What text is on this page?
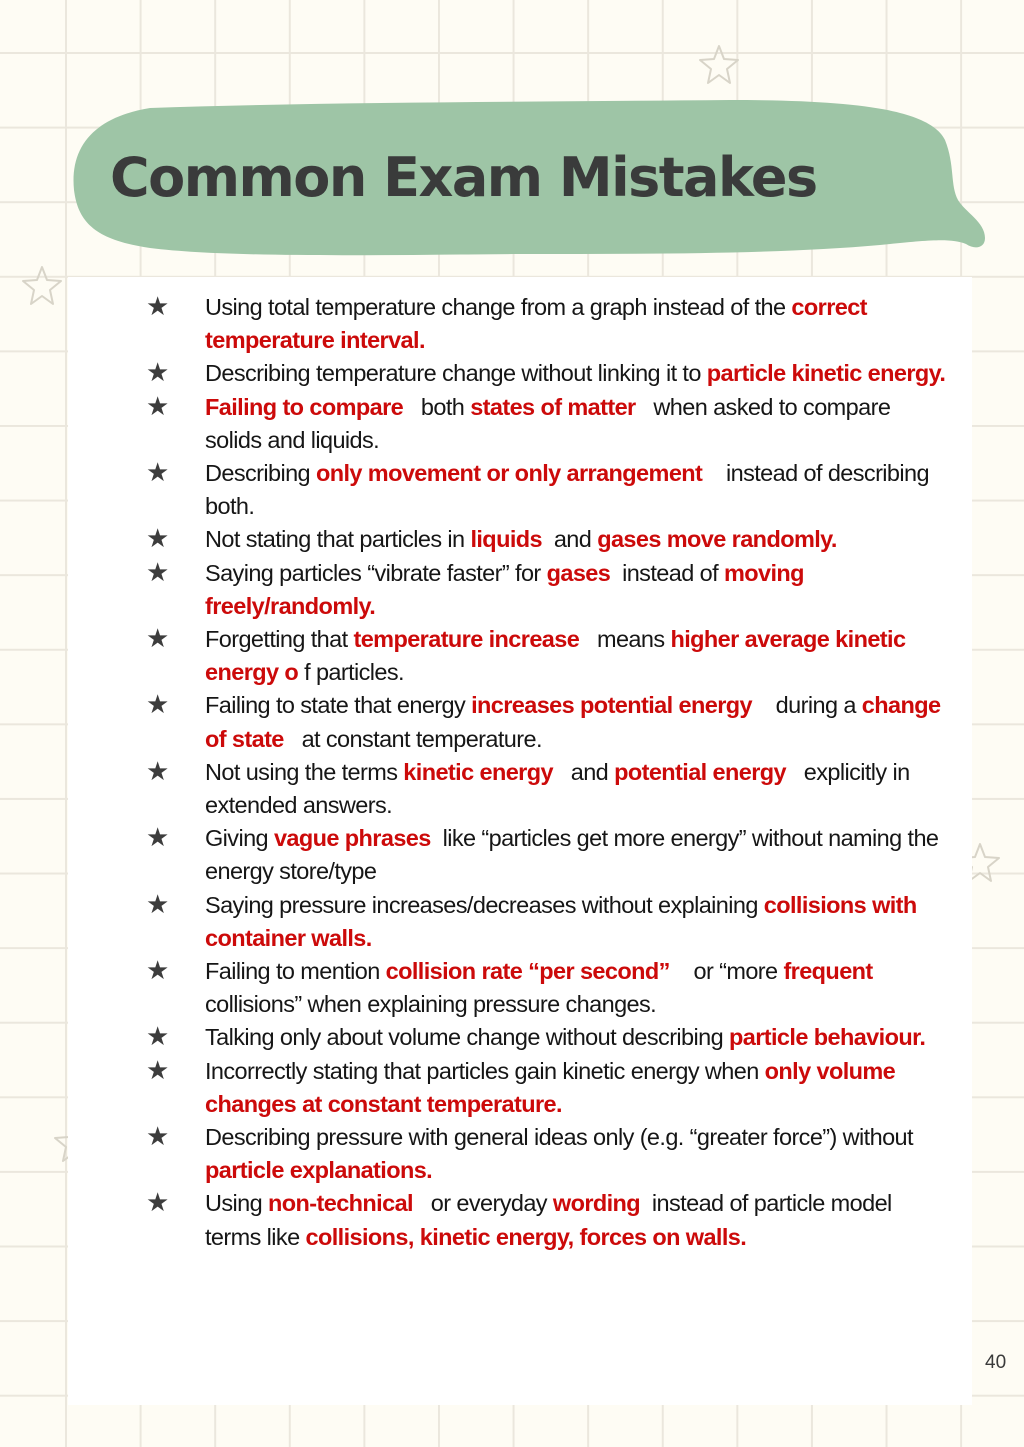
Common Exam Mistakes
★ Using total temperature change from a graph instead of the correct temperature interval.
★ Describing temperature change without linking it to particle kinetic energy.
★ Failing to compare   both states of matter   when asked to compare solids and liquids.
★ Describing only movement or only arrangement    instead of describing both.
★ Not stating that particles in liquids  and gases move randomly.
★ Saying particles “vibrate faster” for gases  instead of moving freely/randomly.
★ Forgetting that temperature increase   means higher average kinetic energy o f particles.
★ Failing to state that energy increases potential energy    during a change of state   at constant temperature.
★ Not using the terms kinetic energy   and potential energy   explicitly in extended answers.
★ Giving vague phrases  like “particles get more energy” without naming the energy store/type
★ Saying pressure increases/decreases without explaining collisions with container walls.
★ Failing to mention collision rate “per second”    or “more frequent collisions” when explaining pressure changes.
★ Talking only about volume change without describing particle behaviour.
★ Incorrectly stating that particles gain kinetic energy when only volume changes at constant temperature.
★ Describing pressure with general ideas only (e.g. “greater force”) without particle explanations.
★ Using non-technical   or everyday wording  instead of particle model terms like collisions, kinetic energy, forces on walls.
40
